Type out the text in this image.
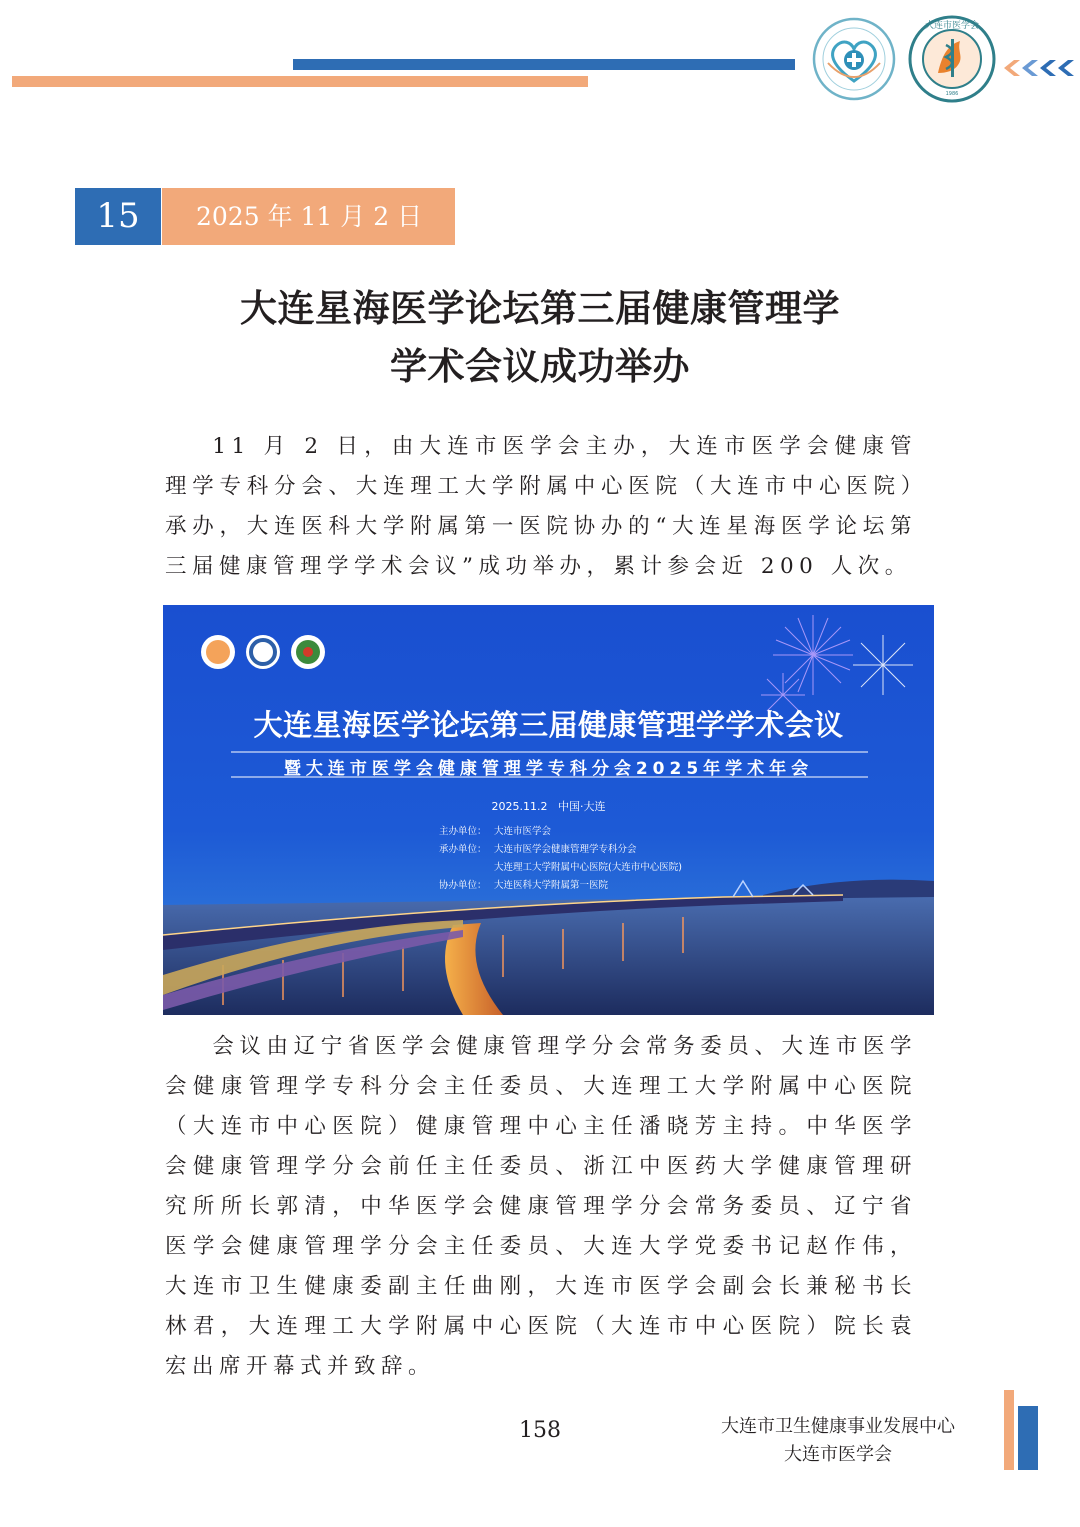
大连市医学会
1986
15	2025 年 11 月 2 日
大连星海医学论坛第三届健康管理学
学术会议成功举办

11 月 2 日，由大连市医学会主办，大连市医学会健康管理学专科分会、大连理工大学附属中心医院（大连市中心医院）承办，大连医科大学附属第一医院协办的“大连星海医学论坛第三届健康管理学学术会议”成功举办，累计参会近 200 人次。

大连星海医学论坛第三届健康管理学学术会议
暨大连市医学会健康管理学专科分会2025年学术年会
2025.11.2   中国·大连
主办单位： 大连市医学会
承办单位： 大连市医学会健康管理学专科分会
大连理工大学附属中心医院(大连市中心医院)
协办单位： 大连医科大学附属第一医院

会议由辽宁省医学会健康管理学分会常务委员、大连市医学会健康管理学专科分会主任委员、大连理工大学附属中心医院（大连市中心医院）健康管理中心主任潘晓芳主持。中华医学会健康管理学分会前任主任委员、浙江中医药大学健康管理研究所所长郭清，中华医学会健康管理学分会常务委员、辽宁省医学会健康管理学分会主任委员、大连大学党委书记赵作伟，大连市卫生健康委副主任曲刚，大连市医学会副会长兼秘书长林君，大连理工大学附属中心医院（大连市中心医院）院长袁宏出席开幕式并致辞。

158	大连市卫生健康事业发展中心
大连市医学会
